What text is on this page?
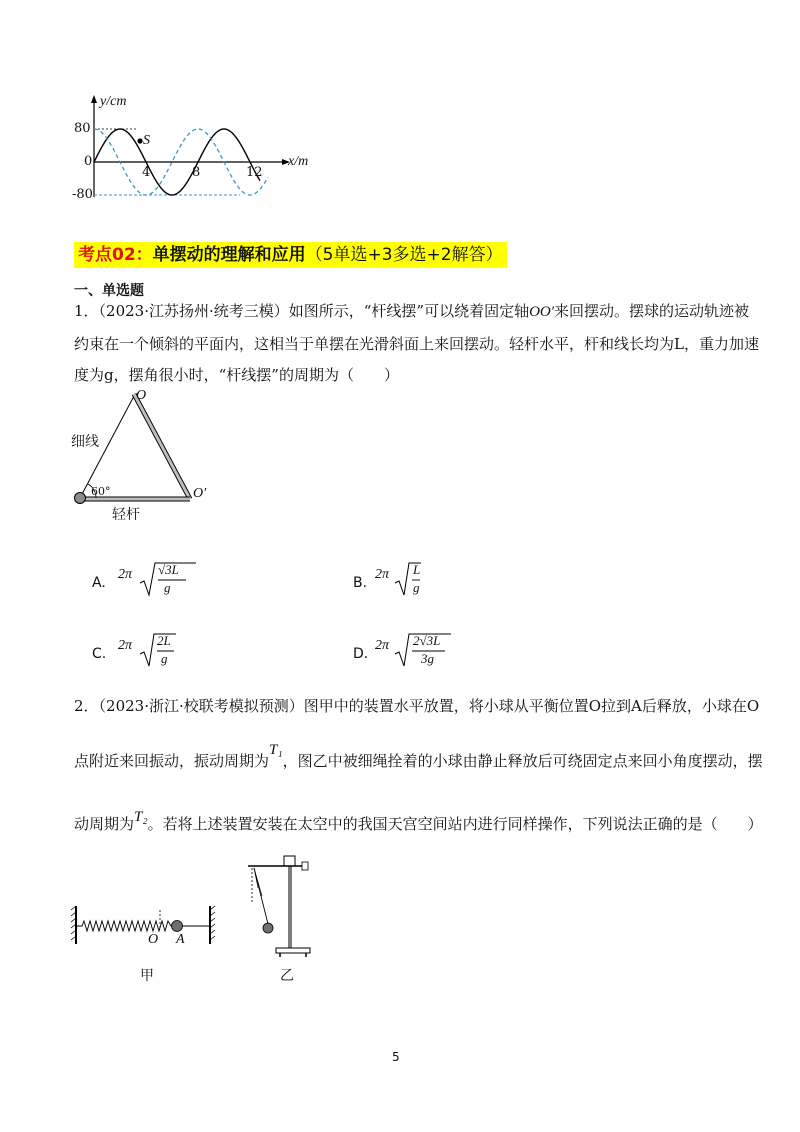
y/cm
x/m
80
0
-80
4	8	12
S
考点02：单摆动的理解和应用（5单选+3多选+2解答）
一、单选题
1．（2023·江苏扬州·统考三模）如图所示，“杆线摆”可以绕着固定轴OO′来回摆动。摆球的运动轨迹被
约束在一个倾斜的平面内，这相当于单摆在光滑斜面上来回摆动。轻杆水平，杆和线长均为L，重力加速
度为g，摆角很小时，“杆线摆”的周期为（　　）
O
O′
细线
60°
轻杆
A.
2π √3L
g	B.
2π L
g
C.
2π 2L
g	D.
2π 2√3L
3g
2．（2023·浙江·校联考模拟预测）图甲中的装置水平放置，将小球从平衡位置O拉到A后释放，小球在O
点附近来回振动，振动周期为T₁，图乙中被细绳拴着的小球由静止释放后可绕固定点来回小角度摆动，摆
动周期为T₂。若将上述装置安装在太空中的我国天宫空间站内进行同样操作，下列说法正确的是（　　）
O A
甲	乙
5
